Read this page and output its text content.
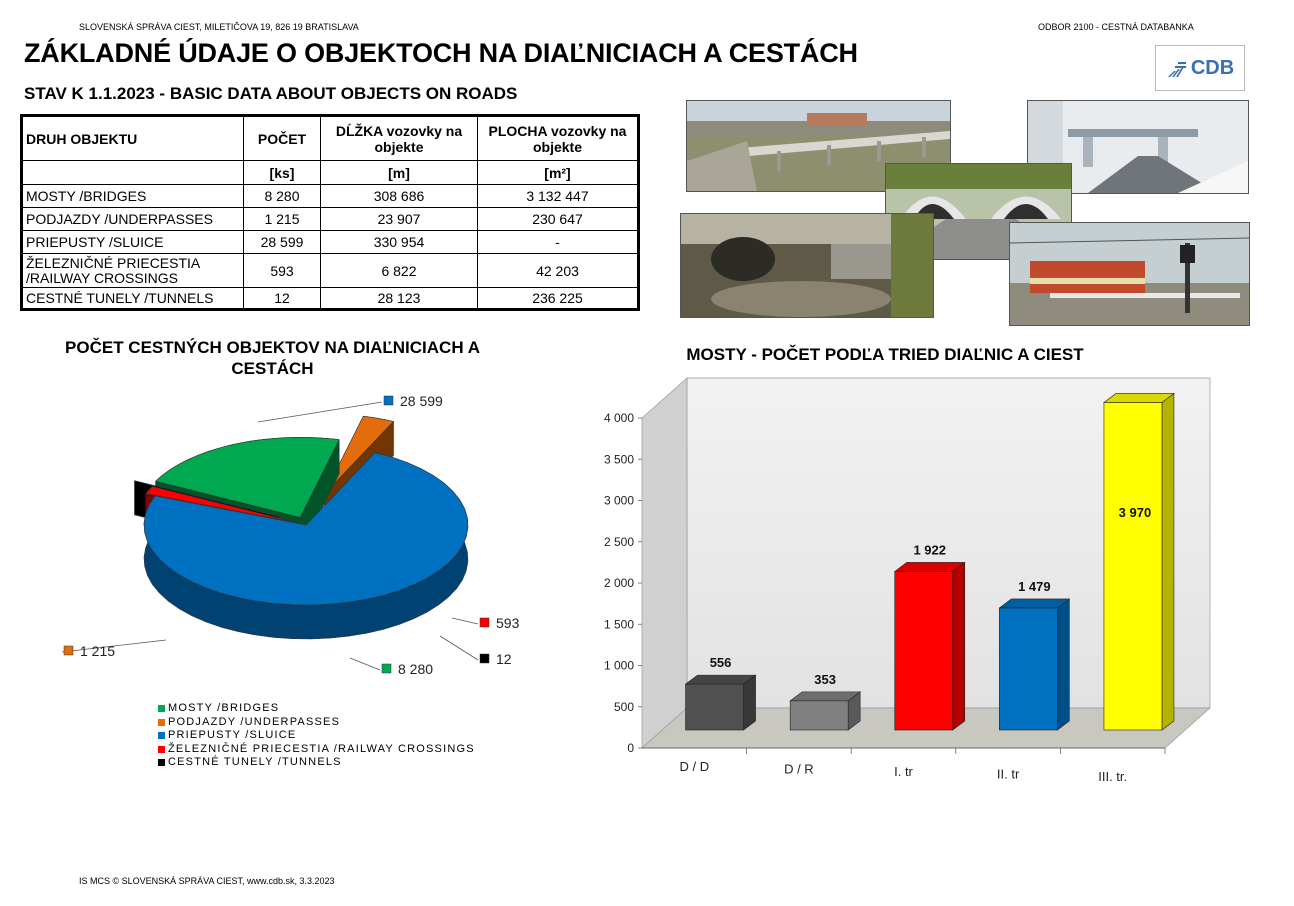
SLOVENSKÁ SPRÁVA CIEST, MILETIČOVA 19, 826 19 BRATISLAVA	ODBOR 2100 - CESTNÁ DATABANKA
ZÁKLADNÉ ÚDAJE O OBJEKTOCH NA DIAĽNICIACH A CESTÁCH
STAV K 1.1.2023 - BASIC DATA ABOUT OBJECTS ON ROADS
CDB
DRUH OBJEKTU	POČET	DĹŽKA vozovky na objekte	PLOCHA vozovky na objekte
	[ks]	[m]	[m²]
MOSTY /BRIDGES	8 280	308 686	3 132 447
PODJAZDY /UNDERPASSES	1 215	23 907	230 647
PRIEPUSTY /SLUICE	28 599	330 954	-
ŽELEZNIČNÉ PRIECESTIA /RAILWAY CROSSINGS	593	6 822	42 203
CESTNÉ TUNELY /TUNNELS	12	28 123	236 225
POČET CESTNÝCH OBJEKTOV NA DIAĽNICIACH A CESTÁCH
8 280
1 215
28 599
593
12
MOSTY /BRIDGES
PODJAZDY /UNDERPASSES
PRIEPUSTY /SLUICE
ŽELEZNIČNÉ PRIECESTIA /RAILWAY CROSSINGS
CESTNÉ TUNELY /TUNNELS
MOSTY - POČET PODĽA TRIED DIAĽNIC A CIEST
0
500
1 000
1 500
2 000
2 500
3 000
3 500
4 000
556
D / D
353
D / R
1 922
I. tr
1 479
II. tr
3 970
III. tr.
IS MCS © SLOVENSKÁ SPRÁVA CIEST, www.cdb.sk, 3.3.2023
